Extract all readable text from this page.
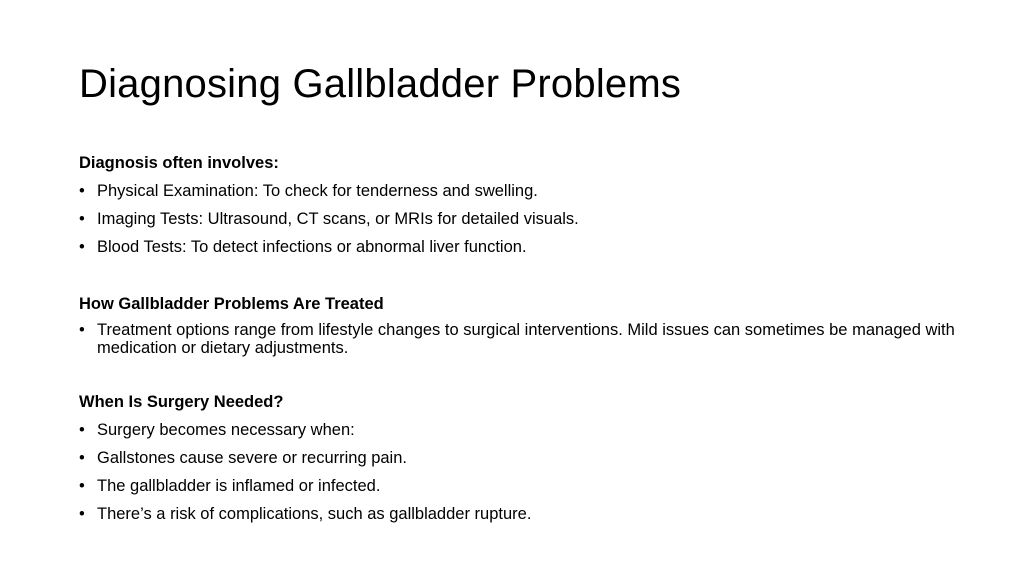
Diagnosing Gallbladder Problems
Diagnosis often involves:
• Physical Examination: To check for tenderness and swelling.
• Imaging Tests: Ultrasound, CT scans, or MRIs for detailed visuals.
• Blood Tests: To detect infections or abnormal liver function.
How Gallbladder Problems Are Treated
• Treatment options range from lifestyle changes to surgical interventions. Mild issues can sometimes be managed with medication or dietary adjustments.
When Is Surgery Needed?
• Surgery becomes necessary when:
• Gallstones cause severe or recurring pain.
• The gallbladder is inflamed or infected.
• There’s a risk of complications, such as gallbladder rupture.
